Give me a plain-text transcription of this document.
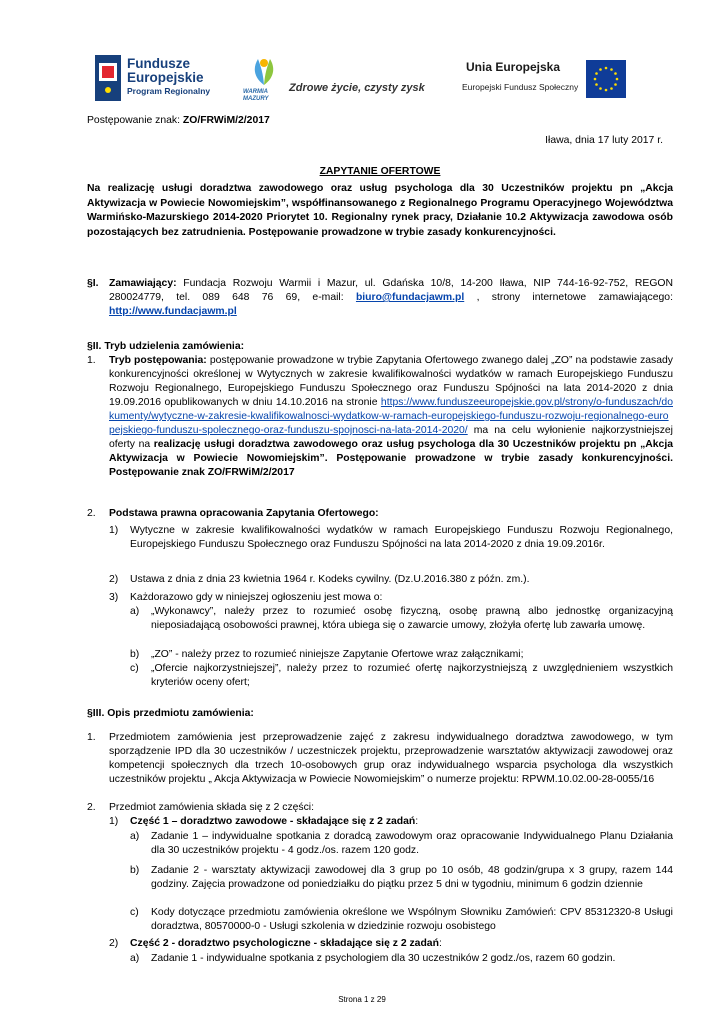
Fundusze
Europejskie
Program Regionalny	WARMIA
MAZURY
Zdrowe życie, czysty zysk
Unia Europejska
Europejski Fundusz Społeczny
Postępowanie znak: ZO/FRWiM/2/2017
Iława, dnia 17 luty 2017 r.
ZAPYTANIE OFERTOWE
Na realizację usługi doradztwa zawodowego oraz usług psychologa dla 30 Uczestników projektu pn „Akcja Aktywizacja w Powiecie Nowomiejskim”, współfinansowanego z Regionalnego Programu Operacyjnego Województwa Warmińsko-Mazurskiego 2014-2020 Priorytet 10. Regionalny rynek pracy, Działanie 10.2 Aktywizacja zawodowa osób pozostających bez zatrudnienia. Postępowanie prowadzone w trybie zasady konkurencyjności.
§I. Zamawiający: Fundacja Rozwoju Warmii i Mazur, ul. Gdańska 10/8, 14-200 Iława, NIP 744-16-92-752, REGON 280024779, tel. 089 648 76 69, e-mail: biuro@fundacjawm.pl , strony internetowe zamawiającego: http://www.fundacjawm.pl
§II. Tryb udzielenia zamówienia:
1. Tryb postępowania: postępowanie prowadzone w trybie Zapytania Ofertowego zwanego dalej „ZO” na podstawie zasady konkurencyjności określonej w Wytycznych w zakresie kwalifikowalności wydatków w ramach Europejskiego Funduszu Rozwoju Regionalnego, Europejskiego Funduszu Społecznego oraz Funduszu Spójności na lata 2014-2020 z dnia 19.09.2016 opublikowanych w dniu 14.10.2016 na stronie https://www.funduszeeuropejskie.gov.pl/strony/o-funduszach/dokumenty/wytyczne-w-zakresie-kwalifikowalnosci-wydatkow-w-ramach-europejskiego-funduszu-rozwoju-regionalnego-europejskiego-funduszu-spolecznego-oraz-funduszu-spojnosci-na-lata-2014-2020/ ma na celu wyłonienie najkorzystniejszej oferty na realizację usługi doradztwa zawodowego oraz usług psychologa dla 30 Uczestników projektu pn „Akcja Aktywizacja w Powiecie Nowomiejskim”. Postępowanie prowadzone w trybie zasady konkurencyjności. Postępowanie znak ZO/FRWiM/2/2017
2. Podstawa prawna opracowania Zapytania Ofertowego:
1) Wytyczne w zakresie kwalifikowalności wydatków w ramach Europejskiego Funduszu Rozwoju Regionalnego, Europejskiego Funduszu Społecznego oraz Funduszu Spójności na lata 2014-2020 z dnia 19.09.2016r.
2) Ustawa z dnia z dnia 23 kwietnia 1964 r. Kodeks cywilny. (Dz.U.2016.380 z późn. zm.).
3) Każdorazowo gdy w niniejszej ogłoszeniu jest mowa o:
a) „Wykonawcy”, należy przez to rozumieć osobę fizyczną, osobę prawną albo jednostkę organizacyjną nieposiadającą osobowości prawnej, która ubiega się o zawarcie umowy, złożyła ofertę lub zawarła umowę.
b) „ZO” - należy przez to rozumieć niniejsze Zapytanie Ofertowe wraz załącznikami;
c) „Ofercie najkorzystniejszej”, należy przez to rozumieć ofertę najkorzystniejszą z uwzględnieniem wszystkich kryteriów oceny ofert;
§III. Opis przedmiotu zamówienia:
1. Przedmiotem zamówienia jest przeprowadzenie zajęć z zakresu indywidualnego doradztwa zawodowego, w tym sporządzenie IPD dla 30 uczestników / uczestniczek projektu, przeprowadzenie warsztatów aktywizacji zawodowej oraz kompetencji społecznych dla trzech 10-osobowych grup oraz indywidualnego wsparcia psychologa dla wszystkich uczestników projektu „ Akcja Aktywizacja w Powiecie Nowomiejskim” o numerze projektu: RPWM.10.02.00-28-0055/16
2. Przedmiot zamówienia składa się z 2 części:
1) Część 1 – doradztwo zawodowe - składające się z 2 zadań:
a) Zadanie 1 – indywidualne spotkania z doradcą zawodowym oraz opracowanie Indywidualnego Planu Działania dla 30 uczestników projektu - 4 godz./os. razem 120 godz.
b) Zadanie 2 - warsztaty aktywizacji zawodowej dla 3 grup po 10 osób, 48 godzin/grupa x 3 grupy, razem 144 godziny. Zajęcia prowadzone od poniedziałku do piątku przez 5 dni w tygodniu, minimum 6 godzin dziennie
c) Kody dotyczące przedmiotu zamówienia określone we Wspólnym Słowniku Zamówień: CPV 85312320-8 Usługi doradztwa, 80570000-0 - Usługi szkolenia w dziedzinie rozwoju osobistego
2) Część 2 - doradztwo psychologiczne - składające się z 2 zadań:
a) Zadanie 1 - indywidualne spotkania z psychologiem dla 30 uczestników 2 godz./os, razem 60 godzin.
Strona 1 z 29
